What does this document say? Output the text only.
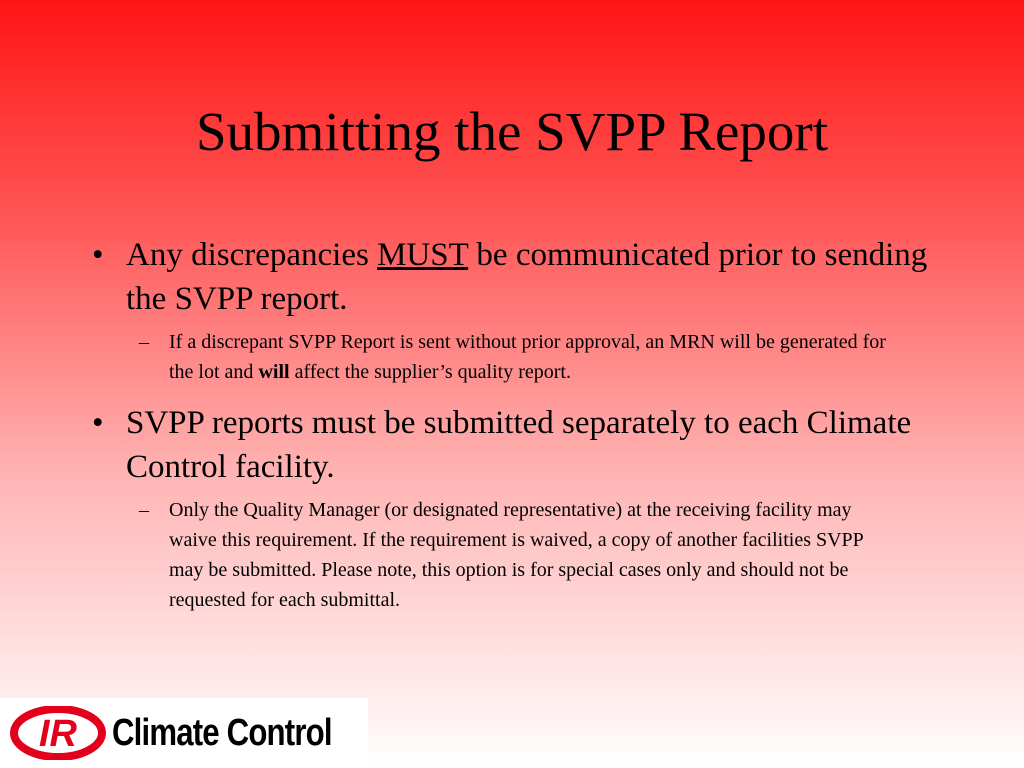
Submitting the SVPP Report
• Any discrepancies MUST be communicated prior to sending the SVPP report.
– If a discrepant SVPP Report is sent without prior approval, an MRN will be generated for the lot and will affect the supplier’s quality report.
• SVPP reports must be submitted separately to each Climate Control facility.
– Only the Quality Manager (or designated representative) at the receiving facility may waive this requirement. If the requirement is waived, a copy of another facilities SVPP may be submitted. Please note, this option is for special cases only and should not be requested for each submittal.
IR Climate Control
